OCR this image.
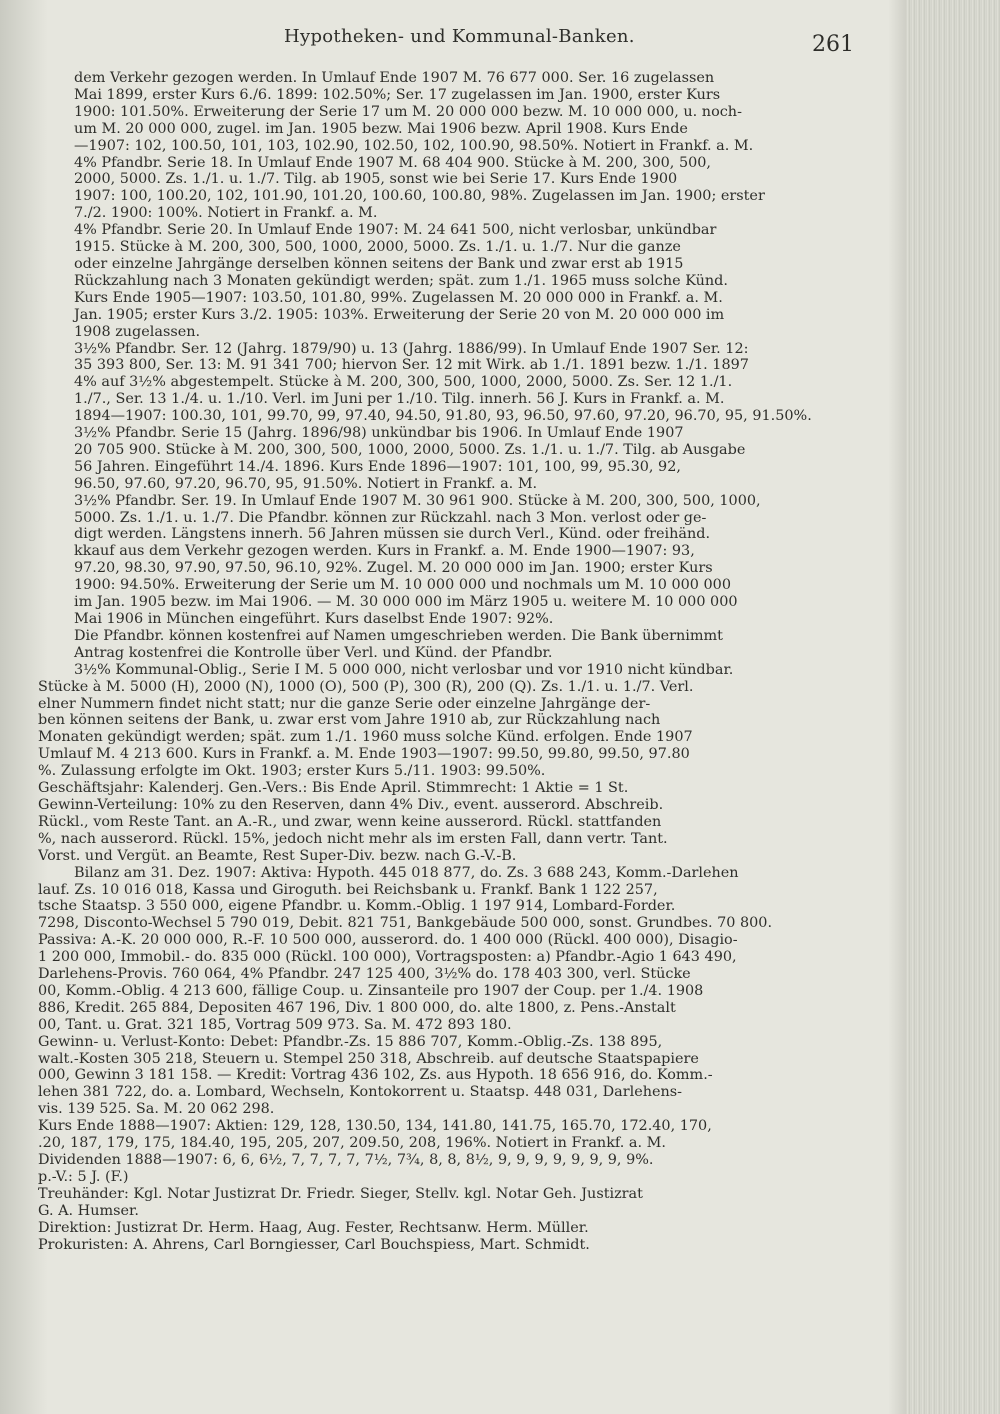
Hypotheken- und Kommunal-Banken.	261
dem Verkehr gezogen werden. In Umlauf Ende 1907 M. 76 677 000. Ser. 16 zugelassen
Mai 1899, erster Kurs 6./6. 1899: 102.50%; Ser. 17 zugelassen im Jan. 1900, erster Kurs
1900: 101.50%. Erweiterung der Serie 17 um M. 20 000 000 bezw. M. 10 000 000, u. noch-
um M. 20 000 000, zugel. im Jan. 1905 bezw. Mai 1906 bezw. April 1908. Kurs Ende
—1907: 102, 100.50, 101, 103, 102.90, 102.50, 102, 100.90, 98.50%. Notiert in Frankf. a. M.
4% Pfandbr. Serie 18. In Umlauf Ende 1907 M. 68 404 900. Stücke à M. 200, 300, 500,
2000, 5000. Zs. 1./1. u. 1./7. Tilg. ab 1905, sonst wie bei Serie 17. Kurs Ende 1900
1907: 100, 100.20, 102, 101.90, 101.20, 100.60, 100.80, 98%. Zugelassen im Jan. 1900; erster
7./2. 1900: 100%. Notiert in Frankf. a. M.
4% Pfandbr. Serie 20. In Umlauf Ende 1907: M. 24 641 500, nicht verlosbar, unkündbar
1915. Stücke à M. 200, 300, 500, 1000, 2000, 5000. Zs. 1./1. u. 1./7. Nur die ganze
oder einzelne Jahrgänge derselben können seitens der Bank und zwar erst ab 1915
Rückzahlung nach 3 Monaten gekündigt werden; spät. zum 1./1. 1965 muss solche Künd.
Kurs Ende 1905—1907: 103.50, 101.80, 99%. Zugelassen M. 20 000 000 in Frankf. a. M.
Jan. 1905; erster Kurs 3./2. 1905: 103%. Erweiterung der Serie 20 von M. 20 000 000 im
1908 zugelassen.
3½% Pfandbr. Ser. 12 (Jahrg. 1879/90) u. 13 (Jahrg. 1886/99). In Umlauf Ende 1907 Ser. 12:
35 393 800, Ser. 13: M. 91 341 700; hiervon Ser. 12 mit Wirk. ab 1./1. 1891 bezw. 1./1. 1897
4% auf 3½% abgestempelt. Stücke à M. 200, 300, 500, 1000, 2000, 5000. Zs. Ser. 12 1./1.
1./7., Ser. 13 1./4. u. 1./10. Verl. im Juni per 1./10. Tilg. innerh. 56 J. Kurs in Frankf. a. M.
1894—1907: 100.30, 101, 99.70, 99, 97.40, 94.50, 91.80, 93, 96.50, 97.60, 97.20, 96.70, 95, 91.50%.
3½% Pfandbr. Serie 15 (Jahrg. 1896/98) unkündbar bis 1906. In Umlauf Ende 1907
20 705 900. Stücke à M. 200, 300, 500, 1000, 2000, 5000. Zs. 1./1. u. 1./7. Tilg. ab Ausgabe
56 Jahren. Eingeführt 14./4. 1896. Kurs Ende 1896—1907: 101, 100, 99, 95.30, 92,
96.50, 97.60, 97.20, 96.70, 95, 91.50%. Notiert in Frankf. a. M.
3½% Pfandbr. Ser. 19. In Umlauf Ende 1907 M. 30 961 900. Stücke à M. 200, 300, 500, 1000,
5000. Zs. 1./1. u. 1./7. Die Pfandbr. können zur Rückzahl. nach 3 Mon. verlost oder ge-
digt werden. Längstens innerh. 56 Jahren müssen sie durch Verl., Künd. oder freihänd.
kkauf aus dem Verkehr gezogen werden. Kurs in Frankf. a. M. Ende 1900—1907: 93,
97.20, 98.30, 97.90, 97.50, 96.10, 92%. Zugel. M. 20 000 000 im Jan. 1900; erster Kurs
1900: 94.50%. Erweiterung der Serie um M. 10 000 000 und nochmals um M. 10 000 000
im Jan. 1905 bezw. im Mai 1906. — M. 30 000 000 im März 1905 u. weitere M. 10 000 000
Mai 1906 in München eingeführt. Kurs daselbst Ende 1907: 92%.
Die Pfandbr. können kostenfrei auf Namen umgeschrieben werden. Die Bank übernimmt
Antrag kostenfrei die Kontrolle über Verl. und Künd. der Pfandbr.
3½% Kommunal-Oblig., Serie I M. 5 000 000, nicht verlosbar und vor 1910 nicht kündbar.
Stücke à M. 5000 (H), 2000 (N), 1000 (O), 500 (P), 300 (R), 200 (Q). Zs. 1./1. u. 1./7. Verl.
elner Nummern findet nicht statt; nur die ganze Serie oder einzelne Jahrgänge der-
ben können seitens der Bank, u. zwar erst vom Jahre 1910 ab, zur Rückzahlung nach
Monaten gekündigt werden; spät. zum 1./1. 1960 muss solche Künd. erfolgen. Ende 1907
Umlauf M. 4 213 600. Kurs in Frankf. a. M. Ende 1903—1907: 99.50, 99.80, 99.50, 97.80
%. Zulassung erfolgte im Okt. 1903; erster Kurs 5./11. 1903: 99.50%.
Geschäftsjahr: Kalenderj. Gen.-Vers.: Bis Ende April. Stimmrecht: 1 Aktie = 1 St.
Gewinn-Verteilung: 10% zu den Reserven, dann 4% Div., event. ausserord. Abschreib.
Rückl., vom Reste Tant. an A.-R., und zwar, wenn keine ausserord. Rückl. stattfanden
%, nach ausserord. Rückl. 15%, jedoch nicht mehr als im ersten Fall, dann vertr. Tant.
Vorst. und Vergüt. an Beamte, Rest Super-Div. bezw. nach G.-V.-B.
Bilanz am 31. Dez. 1907: Aktiva: Hypoth. 445 018 877, do. Zs. 3 688 243, Komm.-Darlehen
lauf. Zs. 10 016 018, Kassa und Giroguth. bei Reichsbank u. Frankf. Bank 1 122 257,
tsche Staatsp. 3 550 000, eigene Pfandbr. u. Komm.-Oblig. 1 197 914, Lombard-Forder.
7298, Disconto-Wechsel 5 790 019, Debit. 821 751, Bankgebäude 500 000, sonst. Grundbes. 70 800.
Passiva: A.-K. 20 000 000, R.-F. 10 500 000, ausserord. do. 1 400 000 (Rückl. 400 000), Disagio-
1 200 000, Immobil.- do. 835 000 (Rückl. 100 000), Vortragsposten: a) Pfandbr.-Agio 1 643 490,
Darlehens-Provis. 760 064, 4% Pfandbr. 247 125 400, 3½% do. 178 403 300, verl. Stücke
00, Komm.-Oblig. 4 213 600, fällige Coup. u. Zinsanteile pro 1907 der Coup. per 1./4. 1908
886, Kredit. 265 884, Depositen 467 196, Div. 1 800 000, do. alte 1800, z. Pens.-Anstalt
00, Tant. u. Grat. 321 185, Vortrag 509 973. Sa. M. 472 893 180.
Gewinn- u. Verlust-Konto: Debet: Pfandbr.-Zs. 15 886 707, Komm.-Oblig.-Zs. 138 895,
walt.-Kosten 305 218, Steuern u. Stempel 250 318, Abschreib. auf deutsche Staatspapiere
000, Gewinn 3 181 158. — Kredit: Vortrag 436 102, Zs. aus Hypoth. 18 656 916, do. Komm.-
lehen 381 722, do. a. Lombard, Wechseln, Kontokorrent u. Staatsp. 448 031, Darlehens-
vis. 139 525. Sa. M. 20 062 298.
Kurs Ende 1888—1907: Aktien: 129, 128, 130.50, 134, 141.80, 141.75, 165.70, 172.40, 170,
.20, 187, 179, 175, 184.40, 195, 205, 207, 209.50, 208, 196%. Notiert in Frankf. a. M.
Dividenden 1888—1907: 6, 6, 6½, 7, 7, 7, 7, 7½, 7¾, 8, 8, 8½, 9, 9, 9, 9, 9, 9, 9, 9%.
p.-V.: 5 J. (F.)
Treuhänder: Kgl. Notar Justizrat Dr. Friedr. Sieger, Stellv. kgl. Notar Geh. Justizrat
G. A. Humser.
Direktion: Justizrat Dr. Herm. Haag, Aug. Fester, Rechtsanw. Herm. Müller.
Prokuristen: A. Ahrens, Carl Borngiesser, Carl Bouchspiess, Mart. Schmidt.
